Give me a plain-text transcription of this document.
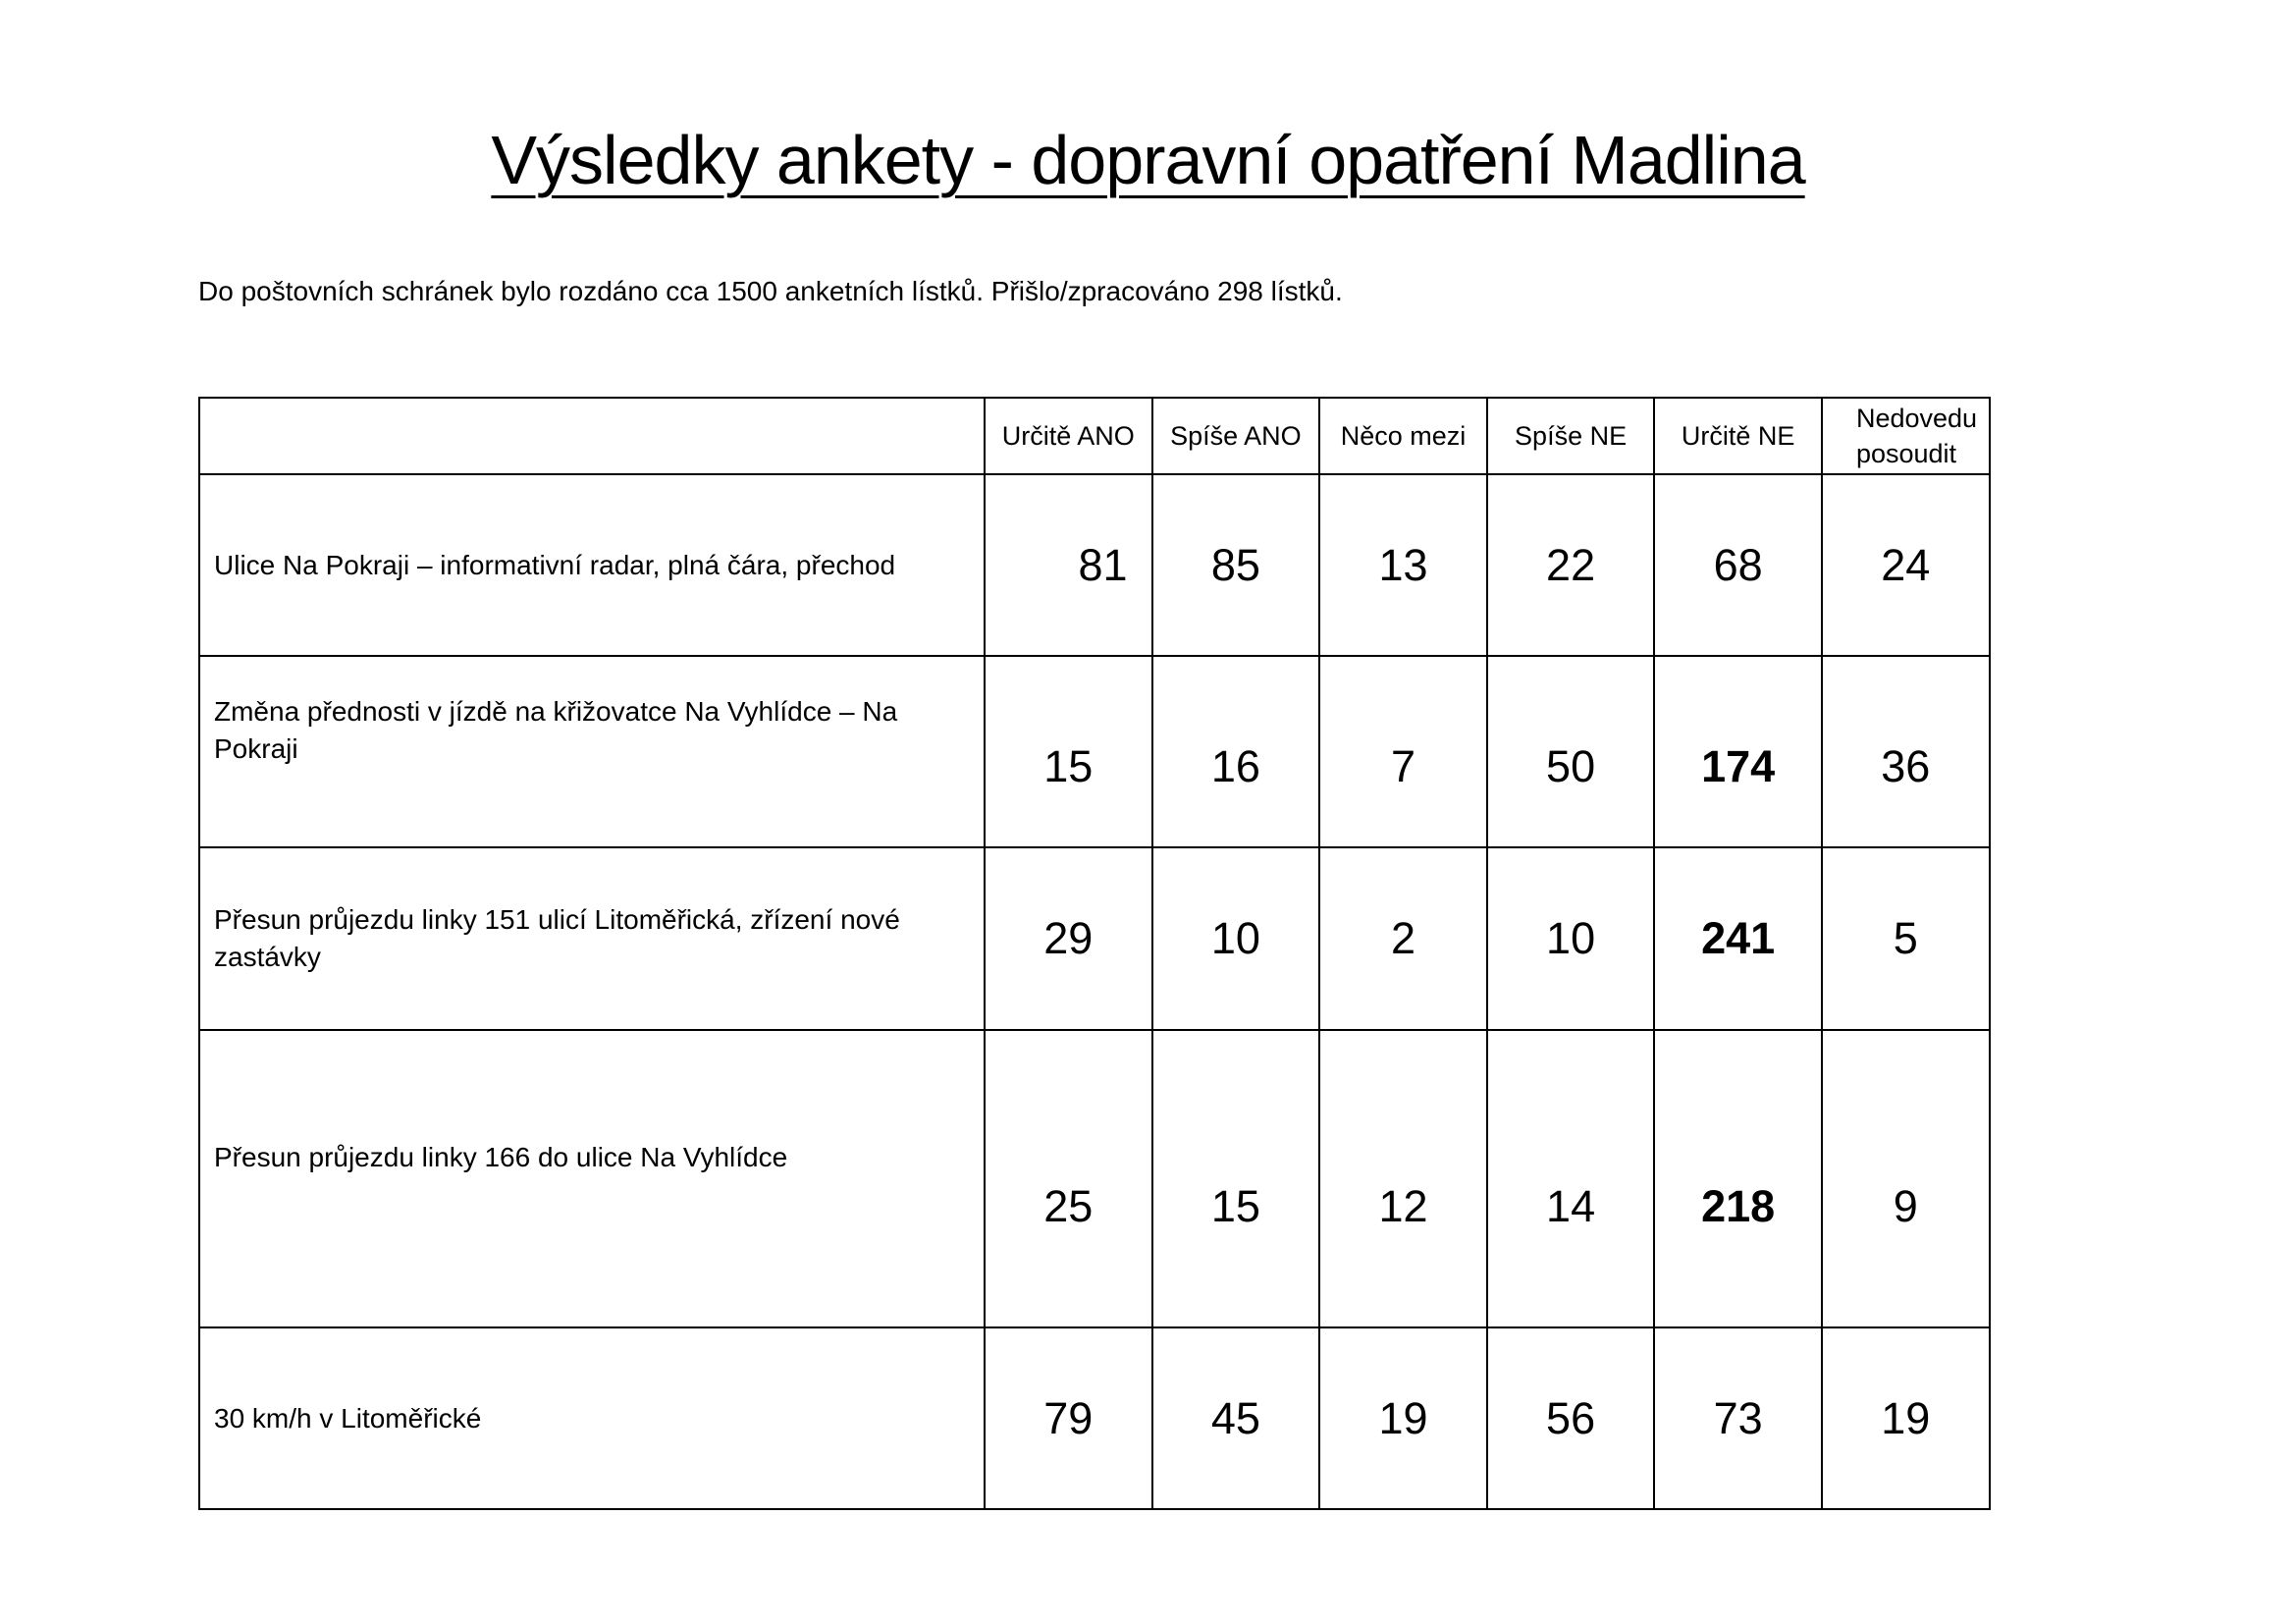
Výsledky ankety - dopravní opatření Madlina
Do poštovních schránek bylo rozdáno cca 1500 anketních lístků. Přišlo/zpracováno 298 lístků.
	Určitě ANO	Spíše ANO	Něco mezi	Spíše NE	Určitě NE	Nedovedu posoudit
Ulice Na Pokraji – informativní radar, plná čára, přechod	81	85	13	22	68	24
Změna přednosti v jízdě na křižovatce Na Vyhlídce – Na Pokraji	15	16	7	50	174	36
Přesun průjezdu linky 151 ulicí Litoměřická, zřízení nové zastávky	29	10	2	10	241	5
Přesun průjezdu linky 166 do ulice Na Vyhlídce	25	15	12	14	218	9
30 km/h v Litoměřické	79	45	19	56	73	19
